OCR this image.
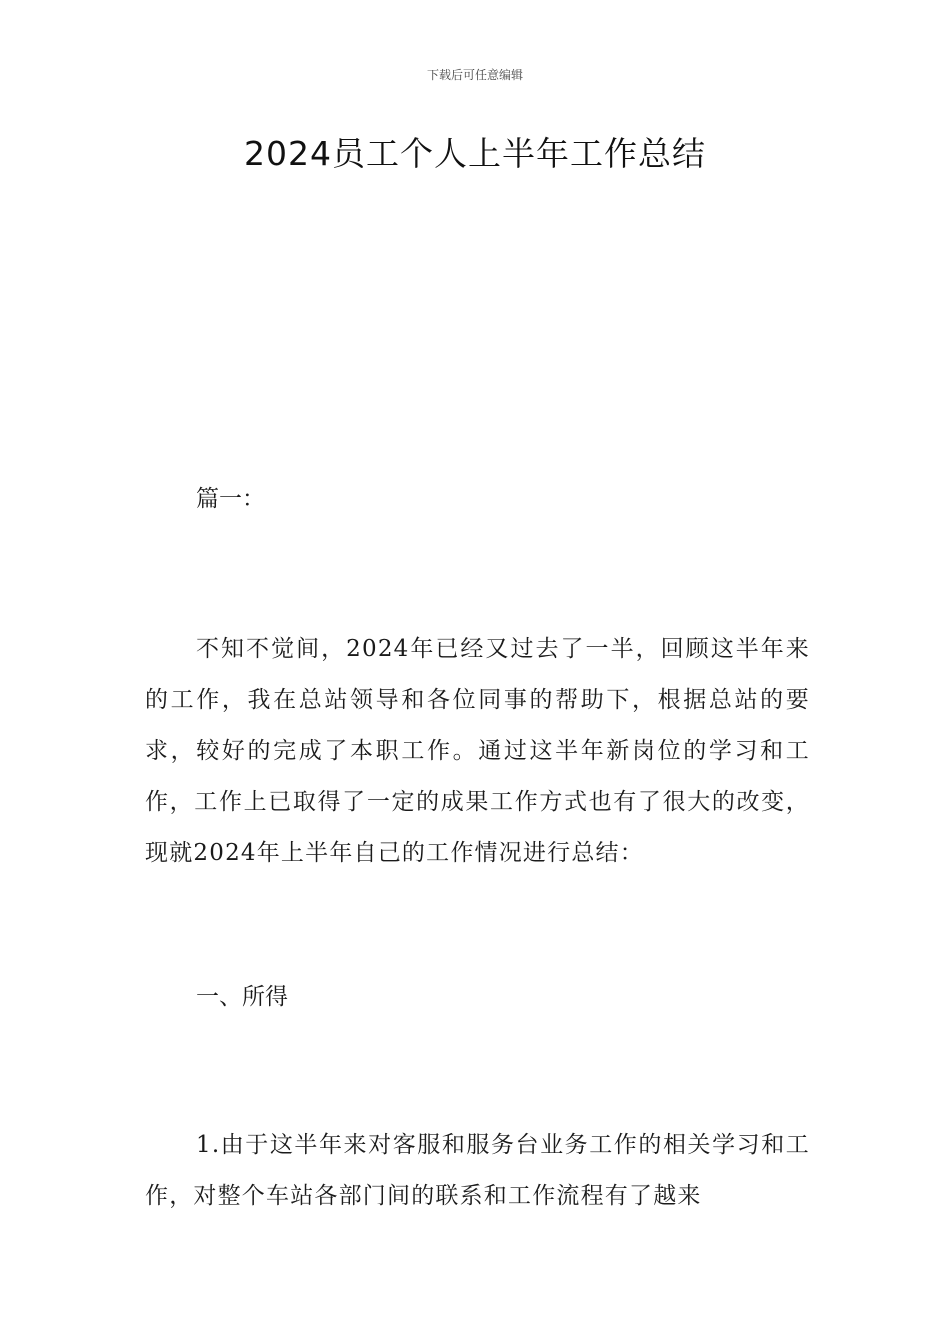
下载后可任意编辑
2024员工个人上半年工作总结
篇一：
不知不觉间，2024年已经又过去了一半，回顾这半年来的工作，我在总站领导和各位同事的帮助下，根据总站的要求，较好的完成了本职工作。通过这半年新岗位的学习和工作，工作上已取得了一定的成果工作方式也有了很大的改变，现就2024年上半年自己的工作情况进行总结：
一、所得
1.由于这半年来对客服和服务台业务工作的相关学习和工作，对整个车站各部门间的联系和工作流程有了越来
